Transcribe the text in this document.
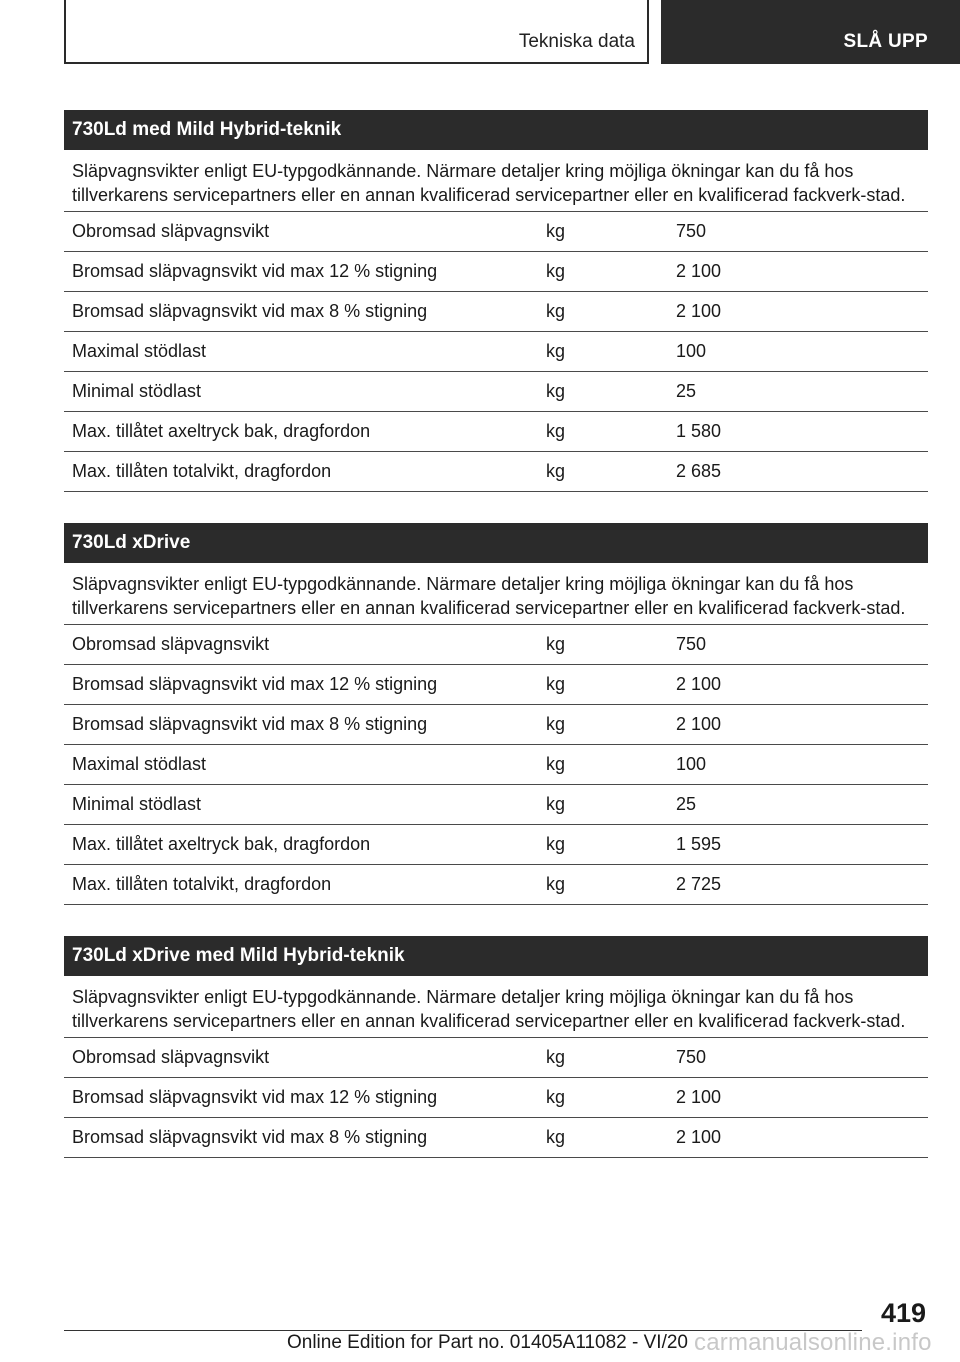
Tekniska data	SLÅ UPP
730Ld med Mild Hybrid-teknik
Släpvagnsvikter enligt EU-typgodkännande. Närmare detaljer kring möjliga ökningar kan du få hos tillverkarens servicepartners eller en annan kvalificerad servicepartner eller en kvalificerad fackverk-stad.
Obromsad släpvagnsvikt	kg	750
Bromsad släpvagnsvikt vid max 12 % stigning	kg	2 100
Bromsad släpvagnsvikt vid max 8 % stigning	kg	2 100
Maximal stödlast	kg	100
Minimal stödlast	kg	25
Max. tillåtet axeltryck bak, dragfordon	kg	1 580
Max. tillåten totalvikt, dragfordon	kg	2 685
730Ld xDrive
Släpvagnsvikter enligt EU-typgodkännande. Närmare detaljer kring möjliga ökningar kan du få hos tillverkarens servicepartners eller en annan kvalificerad servicepartner eller en kvalificerad fackverk-stad.
Obromsad släpvagnsvikt	kg	750
Bromsad släpvagnsvikt vid max 12 % stigning	kg	2 100
Bromsad släpvagnsvikt vid max 8 % stigning	kg	2 100
Maximal stödlast	kg	100
Minimal stödlast	kg	25
Max. tillåtet axeltryck bak, dragfordon	kg	1 595
Max. tillåten totalvikt, dragfordon	kg	2 725
730Ld xDrive med Mild Hybrid-teknik
Släpvagnsvikter enligt EU-typgodkännande. Närmare detaljer kring möjliga ökningar kan du få hos tillverkarens servicepartners eller en annan kvalificerad servicepartner eller en kvalificerad fackverk-stad.
Obromsad släpvagnsvikt	kg	750
Bromsad släpvagnsvikt vid max 12 % stigning	kg	2 100
Bromsad släpvagnsvikt vid max 8 % stigning	kg	2 100
419
Online Edition for Part no. 01405A11082 - VI/20 carmanualsonline.info
